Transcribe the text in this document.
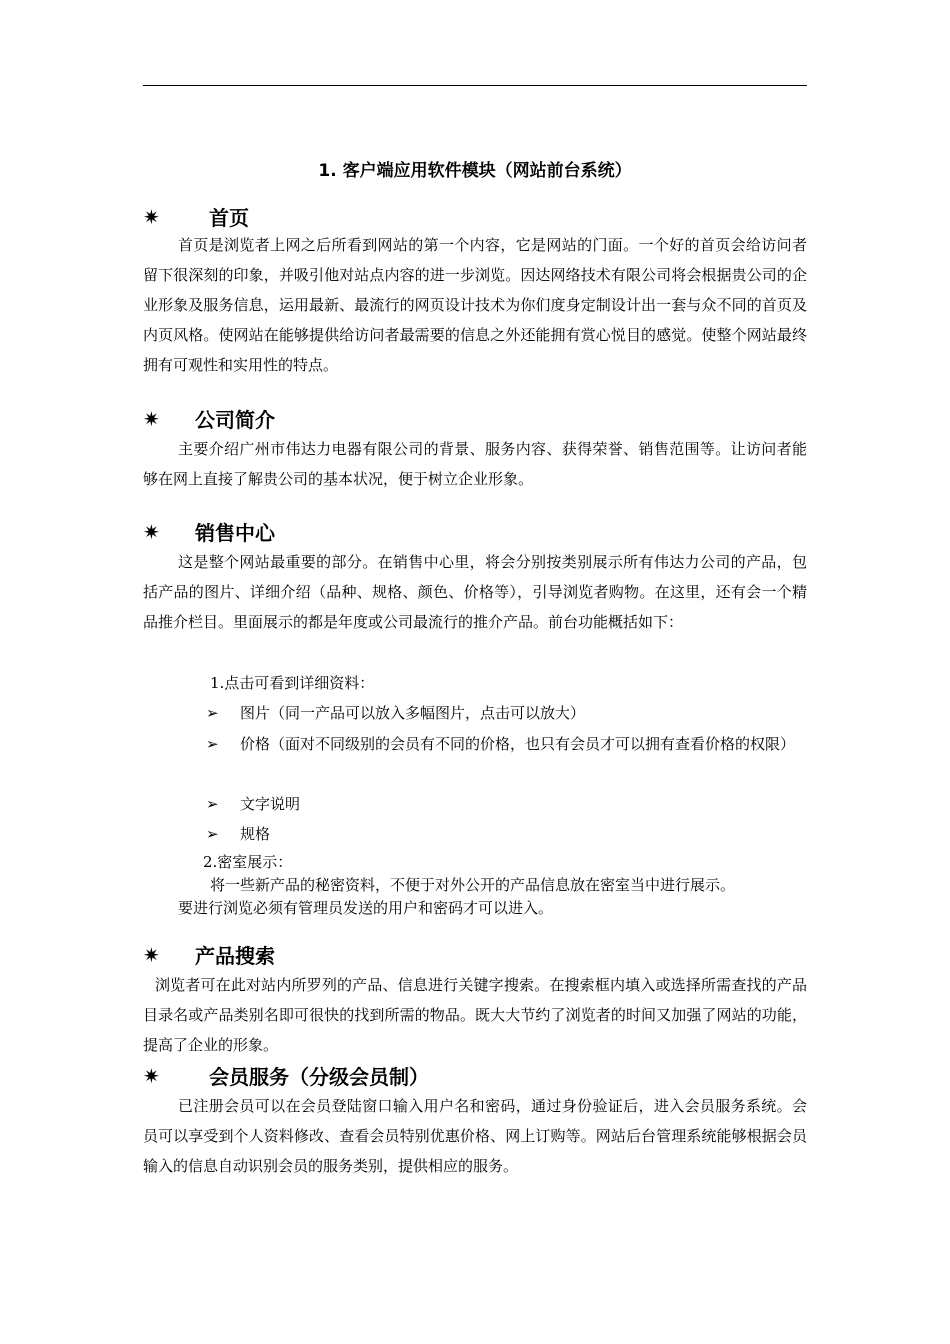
1. 客户端应用软件模块（网站前台系统）
✷ 首页
首页是浏览者上网之后所看到网站的第一个内容，它是网站的门面。一个好的首页会给访问者留下很深刻的印象，并吸引他对站点内容的进一步浏览。因达网络技术有限公司将会根据贵公司的企业形象及服务信息，运用最新、最流行的网页设计技术为你们度身定制设计出一套与众不同的首页及内页风格。使网站在能够提供给访问者最需要的信息之外还能拥有赏心悦目的感觉。使整个网站最终拥有可观性和实用性的特点。
✷ 公司简介
主要介绍广州市伟达力电器有限公司的背景、服务内容、获得荣誉、销售范围等。让访问者能够在网上直接了解贵公司的基本状况，便于树立企业形象。
✷ 销售中心
这是整个网站最重要的部分。在销售中心里，将会分别按类别展示所有伟达力公司的产品，包括产品的图片、详细介绍（品种、规格、颜色、价格等），引导浏览者购物。在这里，还有会一个精品推介栏目。里面展示的都是年度或公司最流行的推介产品。前台功能概括如下：
1.点击可看到详细资料：
➢ 图片（同一产品可以放入多幅图片，点击可以放大）
➢ 价格（面对不同级别的会员有不同的价格，也只有会员才可以拥有查看价格的权限）
➢ 文字说明
➢ 规格
2.密室展示：
将一些新产品的秘密资料，不便于对外公开的产品信息放在密室当中进行展示。
要进行浏览必须有管理员发送的用户和密码才可以进入。
✷ 产品搜索
浏览者可在此对站内所罗列的产品、信息进行关键字搜索。在搜索框内填入或选择所需查找的产品目录名或产品类别名即可很快的找到所需的物品。既大大节约了浏览者的时间又加强了网站的功能，提高了企业的形象。
✷ 会员服务（分级会员制）
已注册会员可以在会员登陆窗口输入用户名和密码，通过身份验证后，进入会员服务系统。会员可以享受到个人资料修改、查看会员特别优惠价格、网上订购等。网站后台管理系统能够根据会员输入的信息自动识别会员的服务类别，提供相应的服务。
